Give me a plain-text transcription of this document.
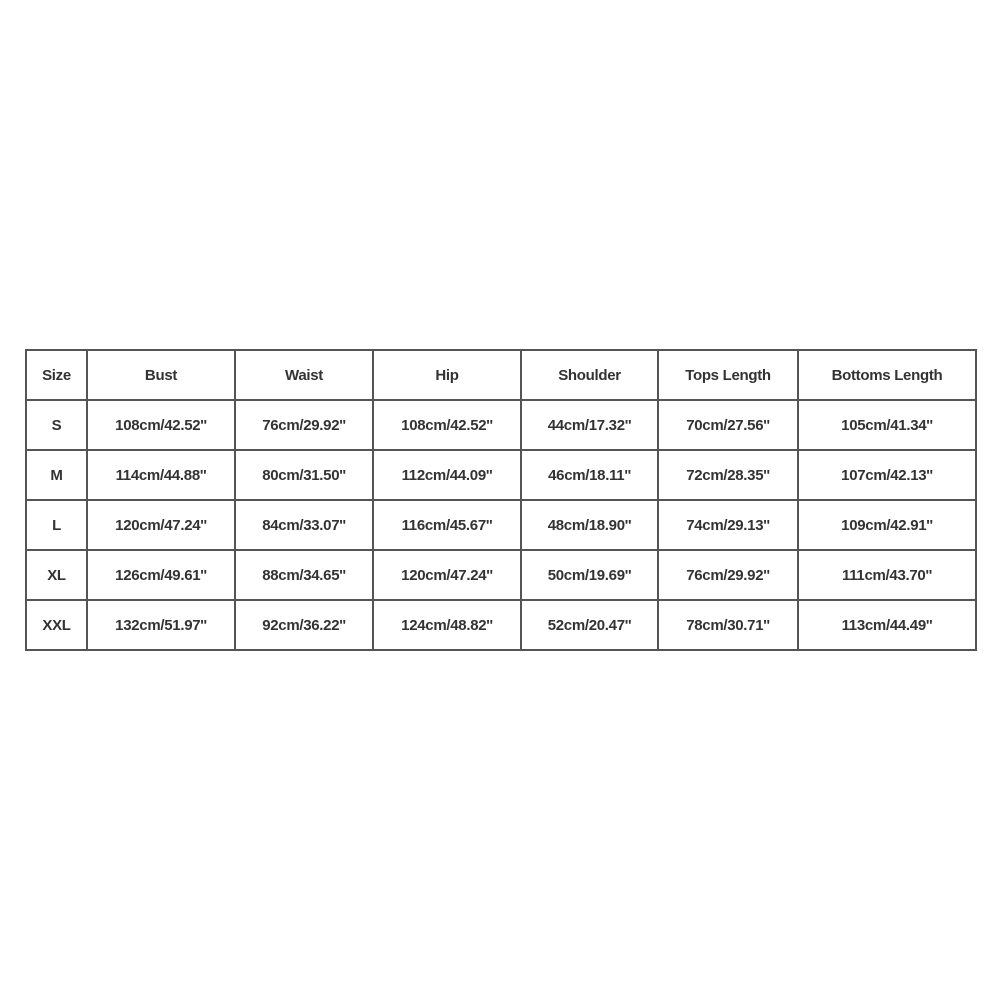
Size	Bust	Waist	Hip	Shoulder	Tops Length	Bottoms Length
S	108cm/42.52''	76cm/29.92''	108cm/42.52''	44cm/17.32''	70cm/27.56''	105cm/41.34''
M	114cm/44.88''	80cm/31.50''	112cm/44.09''	46cm/18.11''	72cm/28.35''	107cm/42.13''
L	120cm/47.24''	84cm/33.07''	116cm/45.67''	48cm/18.90''	74cm/29.13''	109cm/42.91''
XL	126cm/49.61''	88cm/34.65''	120cm/47.24''	50cm/19.69''	76cm/29.92''	111cm/43.70''
XXL	132cm/51.97''	92cm/36.22''	124cm/48.82''	52cm/20.47''	78cm/30.71''	113cm/44.49''
